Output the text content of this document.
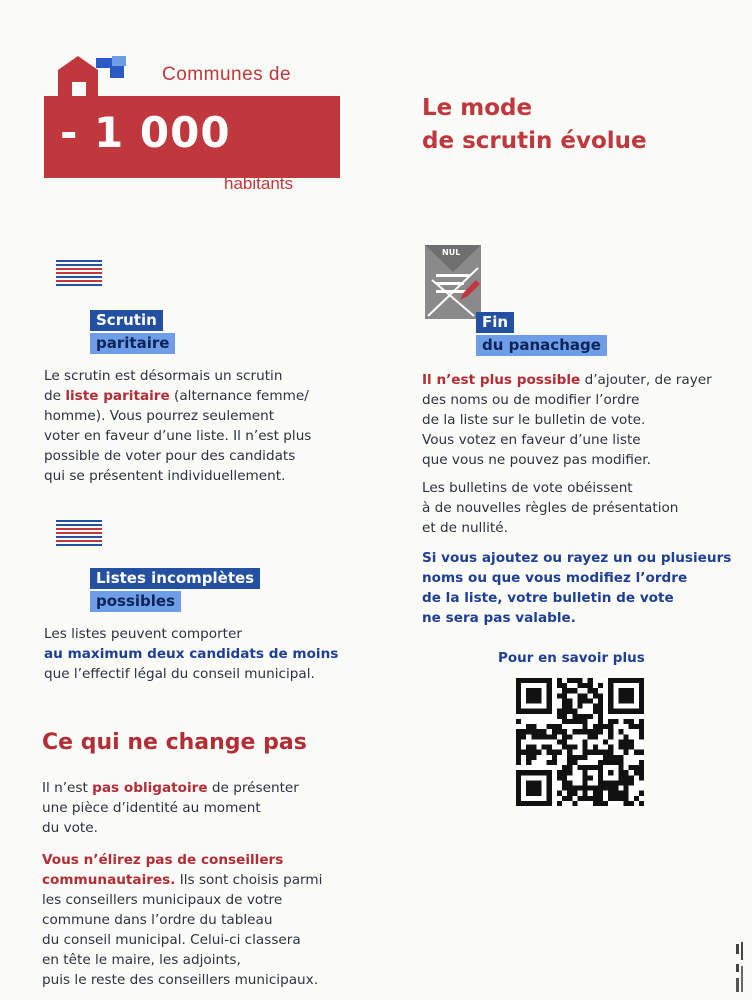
Communes de
- 1 000
habitants
Le mode
de scrutin évolue
Scrutin
paritaire
Le scrutin est désormais un scrutin
de liste paritaire (alternance femme/
homme). Vous pourrez seulement
voter en faveur d’une liste. Il n’est plus
possible de voter pour des candidats
qui se présentent individuellement.
Listes incomplètes
possibles
Les listes peuvent comporter
au maximum deux candidats de moins
que l’effectif légal du conseil municipal.
Ce qui ne change pas
Il n’est pas obligatoire de présenter
une pièce d’identité au moment
du vote.
Vous n’élirez pas de conseillers
communautaires. Ils sont choisis parmi
les conseillers municipaux de votre
commune dans l’ordre du tableau
du conseil municipal. Celui-ci classera
en tête le maire, les adjoints,
puis le reste des conseillers municipaux.
NUL
Fin
du panachage
Il n’est plus possible d’ajouter, de rayer
des noms ou de modifier l’ordre
de la liste sur le bulletin de vote.
Vous votez en faveur d’une liste
que vous ne pouvez pas modifier.
Les bulletins de vote obéissent
à de nouvelles règles de présentation
et de nullité.
Si vous ajoutez ou rayez un ou plusieurs
noms ou que vous modifiez l’ordre
de la liste, votre bulletin de vote
ne sera pas valable.
Pour en savoir plus
